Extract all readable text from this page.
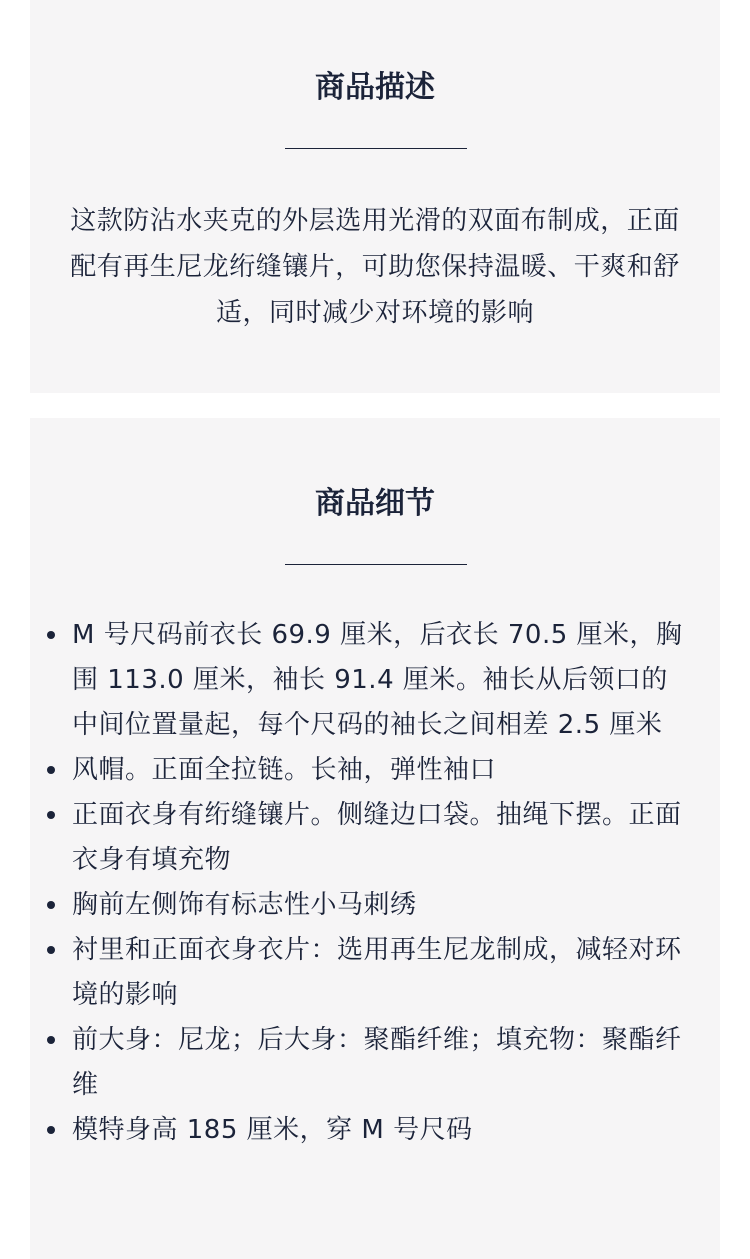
商品描述

这款防沾水夹克的外层选用光滑的双面布制成，正面配有再生尼龙绗缝镶片，可助您保持温暖、干爽和舒适，同时减少对环境的影响

商品细节
M 号尺码前衣长 69.9 厘米，后衣长 70.5 厘米，胸围 113.0 厘米，袖长 91.4 厘米。袖长从后领口的中间位置量起，每个尺码的袖长之间相差 2.5 厘米
风帽。正面全拉链。长袖，弹性袖口
正面衣身有绗缝镶片。侧缝边口袋。抽绳下摆。正面衣身有填充物
胸前左侧饰有标志性小马刺绣
衬里和正面衣身衣片：选用再生尼龙制成，减轻对环境的影响
前大身：尼龙；后大身：聚酯纤维；填充物：聚酯纤维
模特身高 185 厘米，穿 M 号尺码
